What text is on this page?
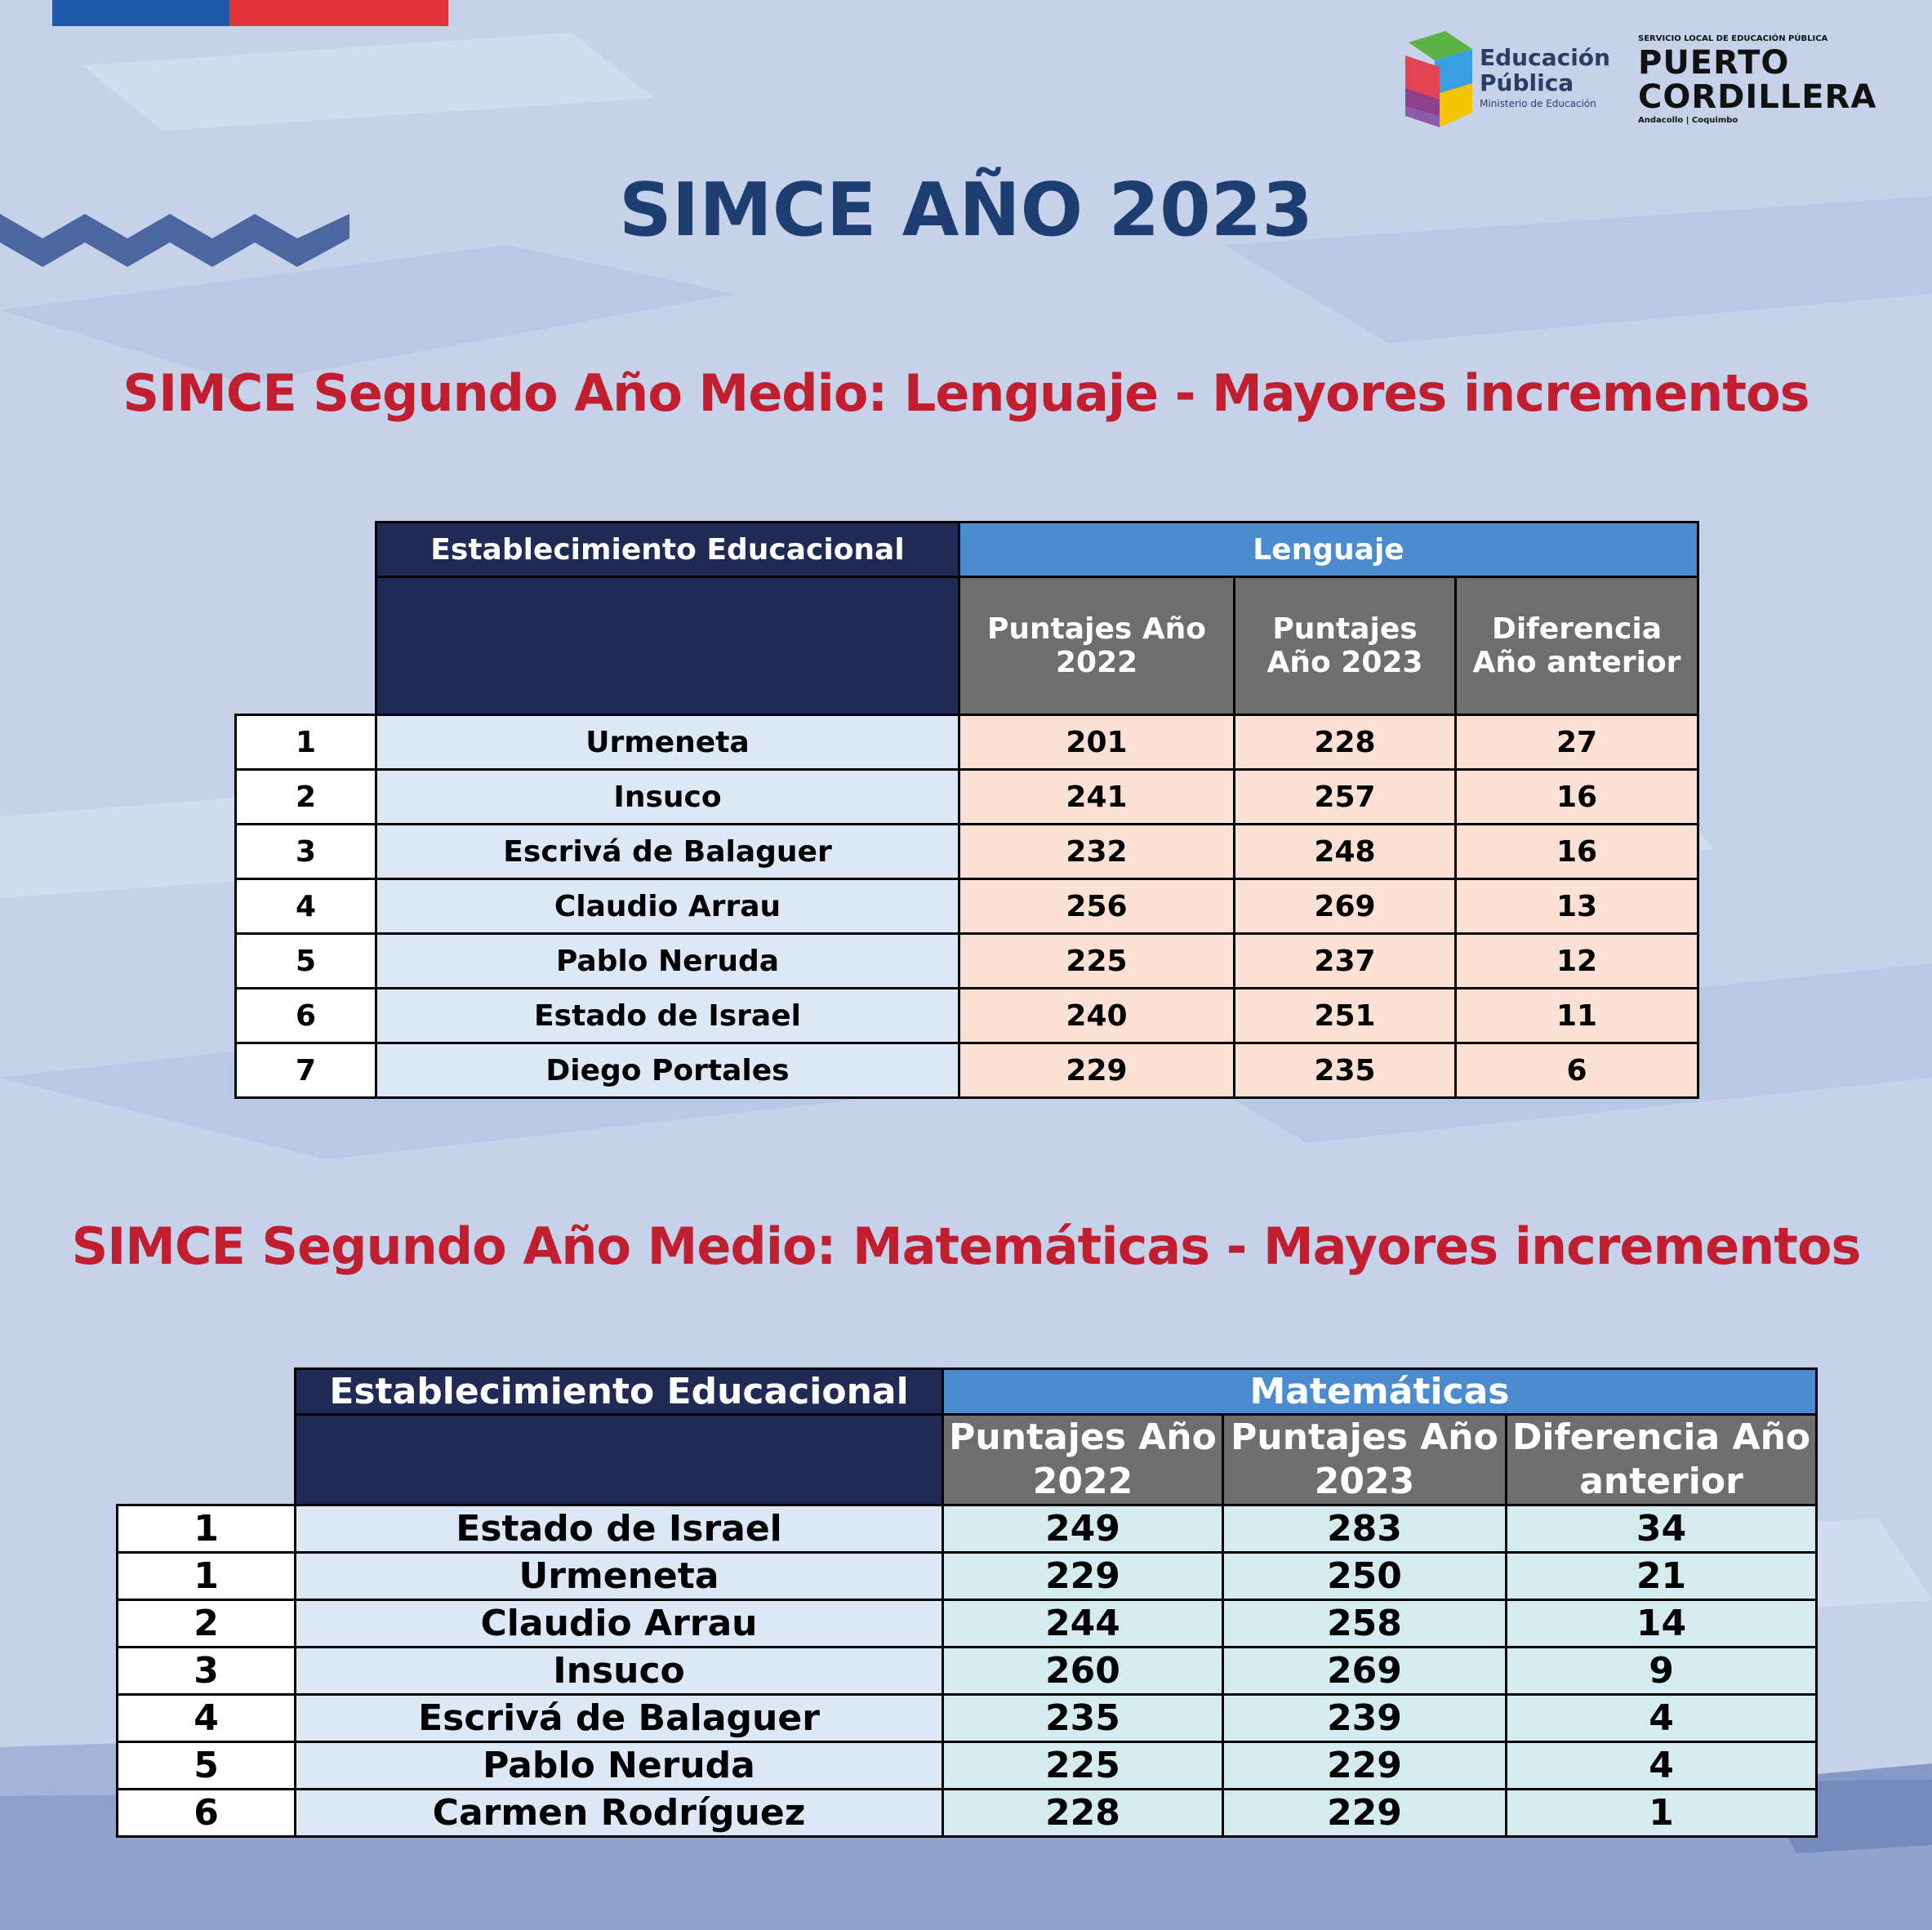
Educación
Pública
Ministerio de Educación
SERVICIO LOCAL DE EDUCACIÓN PÚBLICA
PUERTO
CORDILLERA
Andacollo | Coquimbo
SIMCE AÑO 2023
SIMCE Segundo Año Medio: Lenguaje - Mayores incrementos
	Establecimiento Educacional	Lenguaje		
		Puntajes Año 2022	Puntajes Año 2023	Diferencia Año anterior
1	Urmeneta	201	228	27
2	Insuco	241	257	16
3	Escrivá de Balaguer	232	248	16
4	Claudio Arrau	256	269	13
5	Pablo Neruda	225	237	12
6	Estado de Israel	240	251	11
7	Diego Portales	229	235	6
SIMCE Segundo Año Medio: Matemáticas - Mayores incrementos
	Establecimiento Educacional	Matemáticas		
		Puntajes Año 2022	Puntajes Año 2023	Diferencia Año anterior
1	Estado de Israel	249	283	34
1	Urmeneta	229	250	21
2	Claudio Arrau	244	258	14
3	Insuco	260	269	9
4	Escrivá de Balaguer	235	239	4
5	Pablo Neruda	225	229	4
6	Carmen Rodríguez	228	229	1
